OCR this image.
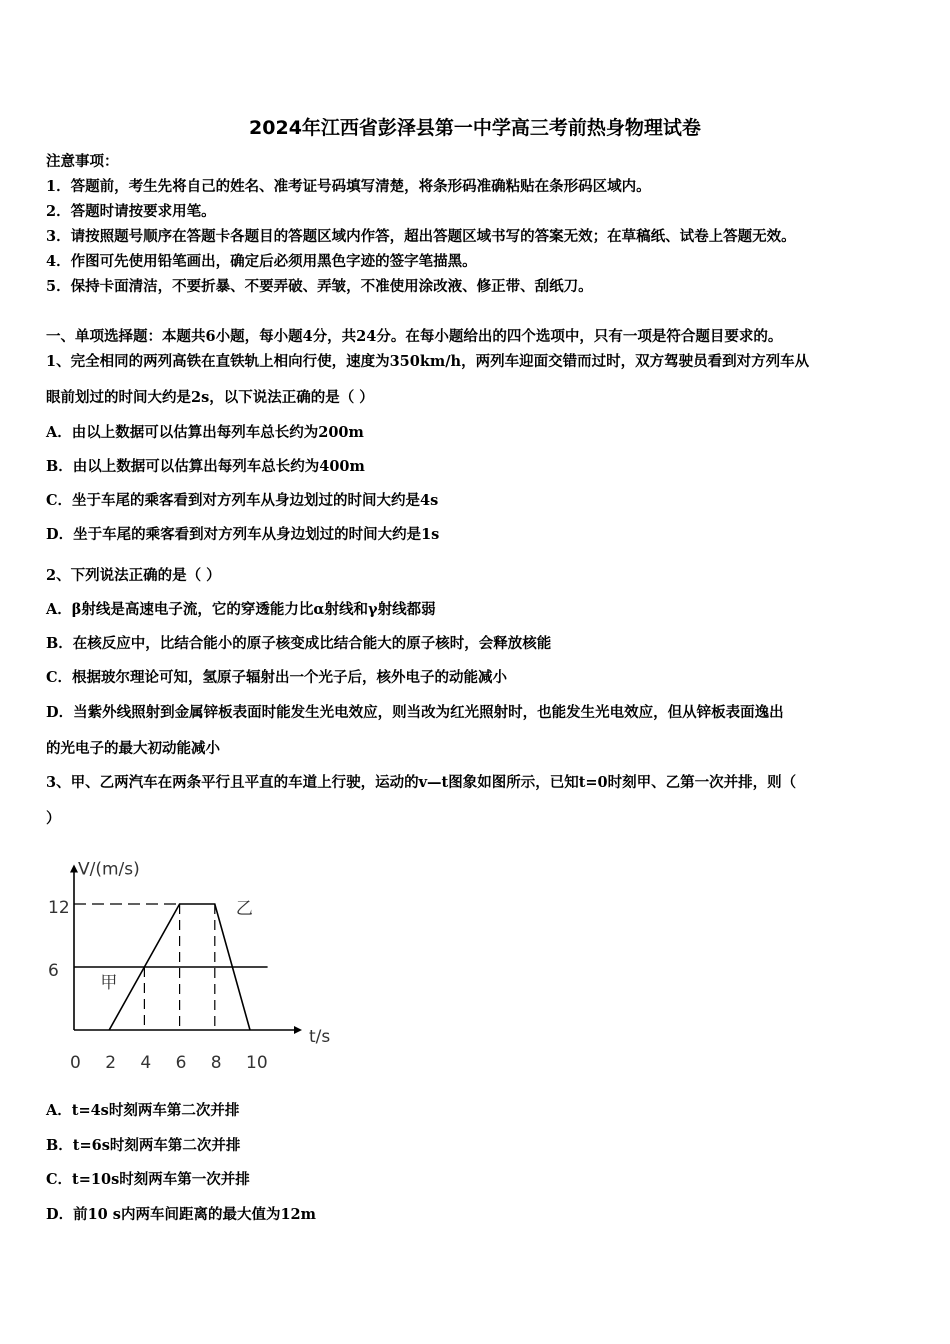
2024年江西省彭泽县第一中学高三考前热身物理试卷
注意事项：
1．答题前，考生先将自己的姓名、准考证号码填写清楚，将条形码准确粘贴在条形码区域内。
2．答题时请按要求用笔。
3．请按照题号顺序在答题卡各题目的答题区域内作答，超出答题区域书写的答案无效；在草稿纸、试卷上答题无效。
4．作图可先使用铅笔画出，确定后必须用黑色字迹的签字笔描黑。
5．保持卡面清洁，不要折暴、不要弄破、弄皱，不准使用涂改液、修正带、刮纸刀。
一、单项选择题：本题共6小题，每小题4分，共24分。在每小题给出的四个选项中，只有一项是符合题目要求的。
1、完全相同的两列高铁在直铁轨上相向行使，速度为350km/h，两列车迎面交错而过时，双方驾驶员看到对方列车从
眼前划过的时间大约是2s，以下说法正确的是（ ）
A．由以上数据可以估算出每列车总长约为200m
B．由以上数据可以估算出每列车总长约为400m
C．坐于车尾的乘客看到对方列车从身边划过的时间大约是4s
D．坐于车尾的乘客看到对方列车从身边划过的时间大约是1s
2、下列说法正确的是（ ）
A．β射线是高速电子流，它的穿透能力比α射线和γ射线都弱
B．在核反应中，比结合能小的原子核变成比结合能大的原子核时，会释放核能
C．根据玻尔理论可知，氢原子辐射出一个光子后，核外电子的动能减小
D．当紫外线照射到金属锌板表面时能发生光电效应，则当改为红光照射时，也能发生光电效应，但从锌板表面逸出
的光电子的最大初动能减小
3、甲、乙两汽车在两条平行且平直的车道上行驶，运动的v—t图象如图所示，已知t=0时刻甲、乙第一次并排，则（
）
V/(m/s)
t/s
0 2 4 6 8 10
6
12
甲
乙
A．t=4s时刻两车第二次并排
B．t=6s时刻两车第二次并排
C．t=10s时刻两车第一次并排
D．前10 s内两车间距离的最大值为12m
